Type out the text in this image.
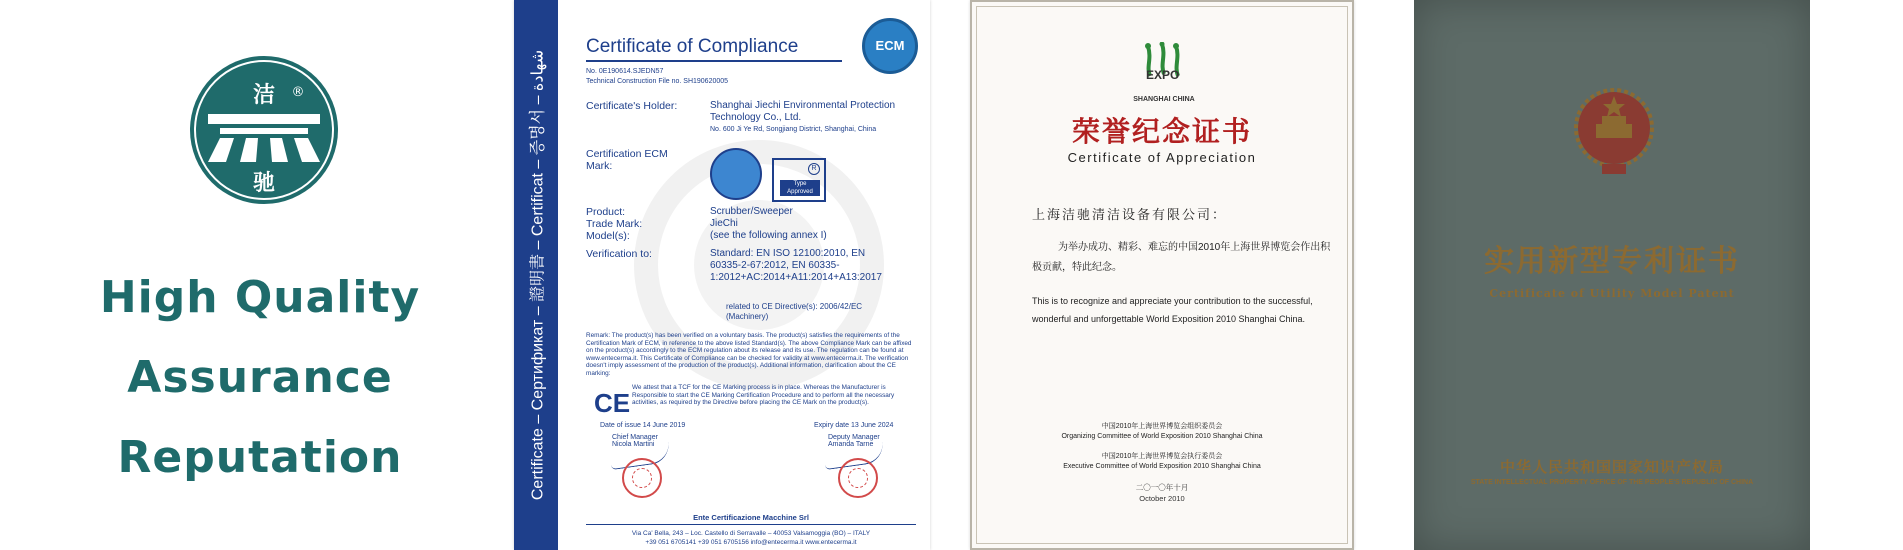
洁 ®
驰
High Quality
Assurance
Reputation	Certificate – Сертификат – 證明書 – Certificat – 증명서 – شهادة
Certificate of Compliance	ECM
No. 0E190614.SJEDN57
Technical Construction File no. SH190620005
Certificate's Holder:	Shanghai Jiechi Environmental Protection Technology Co., Ltd.
No. 600 Ji Ye Rd, Songjiang District, Shanghai, China
Certification ECM Mark:	R
Type Approved
Product:	Scrubber/Sweeper
Trade Mark:	JieChi
Model(s):	(see the following annex I)
Verification to:	Standard: EN ISO 12100:2010, EN 60335-2-67:2012, EN 60335-1:2012+AC:2014+A11:2014+A13:2017
related to CE Directive(s): 2006/42/EC (Machinery)
Remark: The product(s) has been verified on a voluntary basis. The product(s) satisfies the requirements of the Certification Mark of ECM, in reference to the above listed Standard(s). The above Compliance Mark can be affixed on the product(s) accordingly to the ECM regulation about its release and its use. The regulation can be found at www.entecerma.it. This Certificate of Compliance can be checked for validity at www.entecerma.it. The verification doesn't imply assessment of the production of the product(s). Additional information, clarification about the CE marking:
CE
We attest that a TCF for the CE Marking process is in place. Whereas the Manufacturer is Responsible to start the CE Marking Certification Procedure and to perform all the necessary activities, as required by the Directive before placing the CE Mark on the product(s).
Date of issue 14 June 2019	Expiry date 13 June 2024
Chief Manager Nicola Martini
Deputy Manager Amanda Tarne
Ente Certificazione Macchine Srl
Via Ca' Bella, 243 – Loc. Castello di Serravalle – 40053 Valsamoggia (BO) – ITALY
+39 051 6705141 +39 051 6705156 info@entecerma.it www.entecerma.it
EXPO
SHANGHAI CHINA
荣誉纪念证书
Certificate of Appreciation
上海洁驰清洁设备有限公司：
为举办成功、精彩、难忘的中国2010年上海世界博览会作出积极贡献，特此纪念。
This is to recognize and appreciate your contribution to the successful, wonderful and unforgettable World Exposition 2010 Shanghai China.
中国2010年上海世界博览会组织委员会
Organizing Committee of World Exposition 2010 Shanghai China
中国2010年上海世界博览会执行委员会
Executive Committee of World Exposition 2010 Shanghai China
二〇一〇年十月
October 2010
实用新型专利证书
Certificate of Utility Model Patent
中华人民共和国国家知识产权局
STATE INTELLECTUAL PROPERTY OFFICE OF THE PEOPLE'S REPUBLIC OF CHINA
